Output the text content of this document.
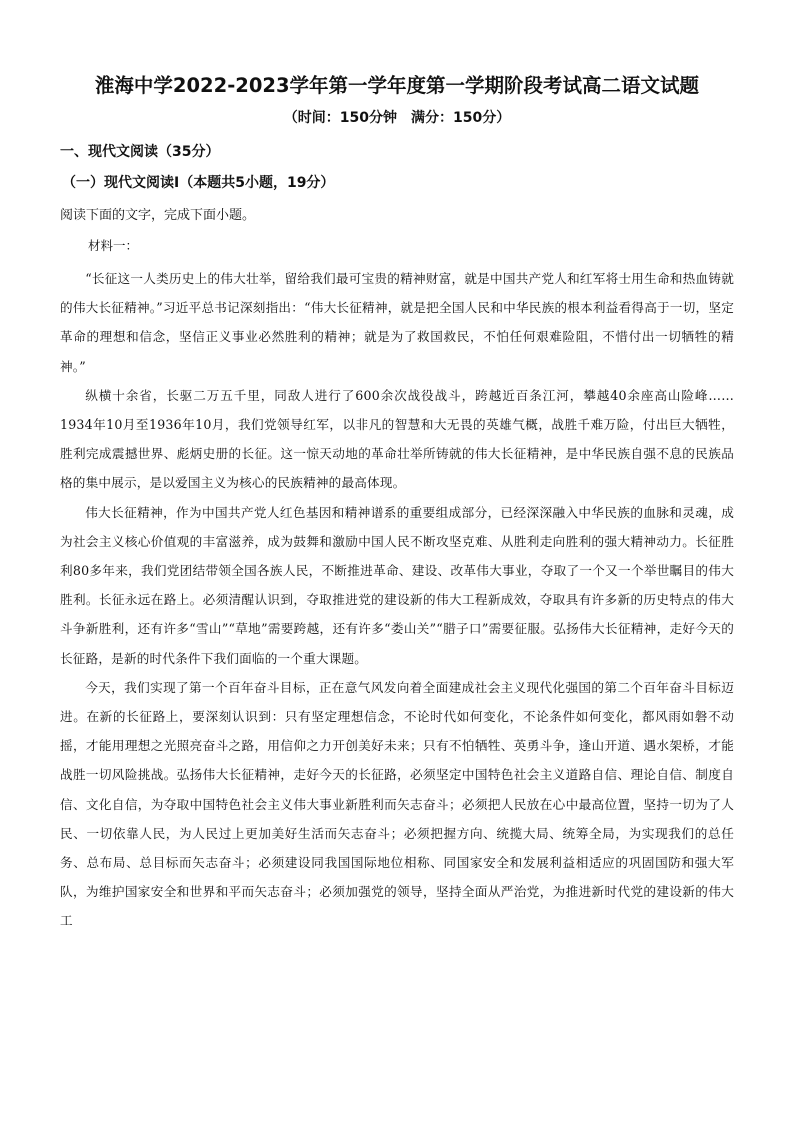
淮海中学2022-2023学年第一学年度第一学期阶段考试高二语文试题
（时间：150分钟　满分：150分）
一、现代文阅读（35分）
（一）现代文阅读Ⅰ（本题共5小题，19分）
阅读下面的文字，完成下面小题。
材料一：

“长征这一人类历史上的伟大壮举，留给我们最可宝贵的精神财富，就是中国共产党人和红军将士用生命和热血铸就的伟大长征精神。”习近平总书记深刻指出：“伟大长征精神，就是把全国人民和中华民族的根本利益看得高于一切，坚定革命的理想和信念，坚信正义事业必然胜利的精神；就是为了救国救民，不怕任何艰难险阻，不惜付出一切牺牲的精神。”

纵横十余省，长驱二万五千里，同敌人进行了600余次战役战斗，跨越近百条江河，攀越40余座高山险峰……1934年10月至1936年10月，我们党领导红军，以非凡的智慧和大无畏的英雄气概，战胜千难万险，付出巨大牺牲，胜利完成震撼世界、彪炳史册的长征。这一惊天动地的革命壮举所铸就的伟大长征精神，是中华民族自强不息的民族品格的集中展示，是以爱国主义为核心的民族精神的最高体现。

伟大长征精神，作为中国共产党人红色基因和精神谱系的重要组成部分，已经深深融入中华民族的血脉和灵魂，成为社会主义核心价值观的丰富滋养，成为鼓舞和激励中国人民不断攻坚克难、从胜利走向胜利的强大精神动力。长征胜利80多年来，我们党团结带领全国各族人民，不断推进革命、建设、改革伟大事业，夺取了一个又一个举世瞩目的伟大胜利。长征永远在路上。必须清醒认识到，夺取推进党的建设新的伟大工程新成效，夺取具有许多新的历史特点的伟大斗争新胜利，还有许多“雪山”“草地”需要跨越，还有许多“娄山关”“腊子口”需要征服。弘扬伟大长征精神，走好今天的长征路，是新的时代条件下我们面临的一个重大课题。

今天，我们实现了第一个百年奋斗目标，正在意气风发向着全面建成社会主义现代化强国的第二个百年奋斗目标迈进。在新的长征路上，要深刻认识到：只有坚定理想信念，不论时代如何变化，不论条件如何变化，都风雨如磐不动摇，才能用理想之光照亮奋斗之路，用信仰之力开创美好未来；只有不怕牺牲、英勇斗争，逢山开道、遇水架桥，才能战胜一切风险挑战。弘扬伟大长征精神，走好今天的长征路，必须坚定中国特色社会主义道路自信、理论自信、制度自信、文化自信，为夺取中国特色社会主义伟大事业新胜利而矢志奋斗；必须把人民放在心中最高位置，坚持一切为了人民、一切依靠人民，为人民过上更加美好生活而矢志奋斗；必须把握方向、统揽大局、统筹全局，为实现我们的总任务、总布局、总目标而矢志奋斗；必须建设同我国国际地位相称、同国家安全和发展利益相适应的巩固国防和强大军队，为维护国家安全和世界和平而矢志奋斗；必须加强党的领导，坚持全面从严治党，为推进新时代党的建设新的伟大工
